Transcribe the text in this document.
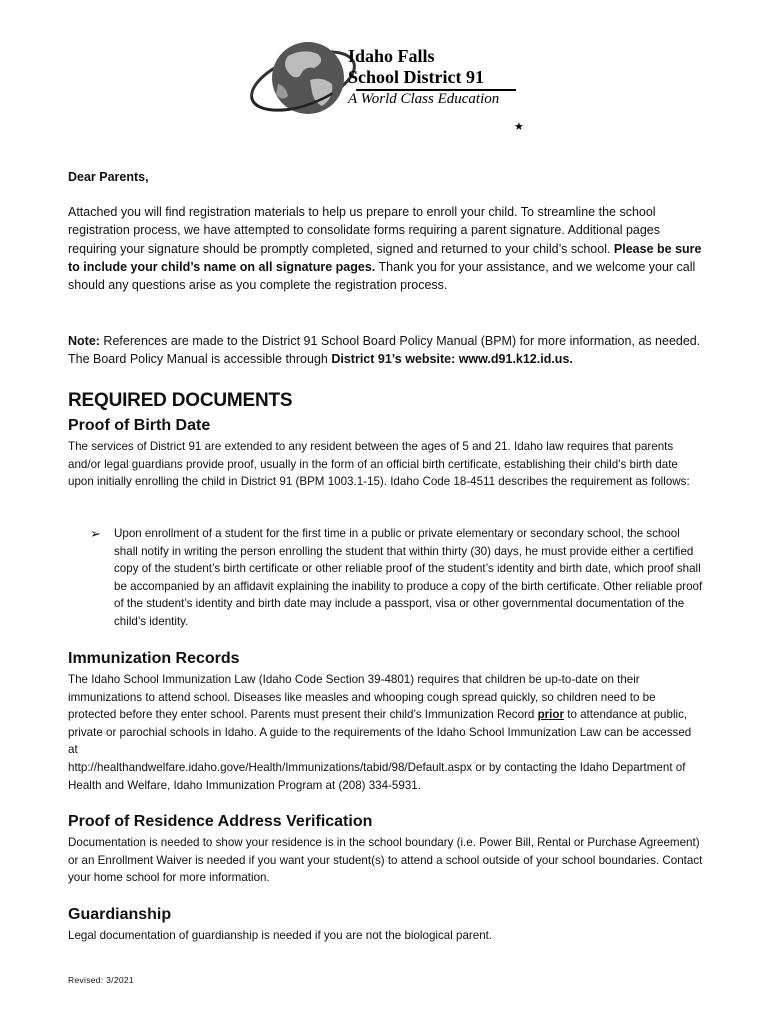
Idaho Falls
School District 91
A World Class Education
★

Dear Parents,

Attached you will find registration materials to help us prepare to enroll your child. To streamline the school registration process, we have attempted to consolidate forms requiring a parent signature. Additional pages requiring your signature should be promptly completed, signed and returned to your child’s school. Please be sure to include your child’s name on all signature pages. Thank you for your assistance, and we welcome your call should any questions arise as you complete the registration process.

Note: References are made to the District 91 School Board Policy Manual (BPM) for more information, as needed. The Board Policy Manual is accessible through District 91’s website: www.d91.k12.id.us.

REQUIRED DOCUMENTS
Proof of Birth Date

The services of District 91 are extended to any resident between the ages of 5 and 21. Idaho law requires that parents and/or legal guardians provide proof, usually in the form of an official birth certificate, establishing their child’s birth date upon initially enrolling the child in District 91 (BPM 1003.1-15). Idaho Code 18-4511 describes the requirement as follows:

➢ Upon enrollment of a student for the first time in a public or private elementary or secondary school, the school shall notify in writing the person enrolling the student that within thirty (30) days, he must provide either a certified copy of the student’s birth certificate or other reliable proof of the student’s identity and birth date, which proof shall be accompanied by an affidavit explaining the inability to produce a copy of the birth certificate. Other reliable proof of the student’s identity and birth date may include a passport, visa or other governmental documentation of the child’s identity.

Immunization Records

The Idaho School Immunization Law (Idaho Code Section 39-4801) requires that children be up-to-date on their immunizations to attend school. Diseases like measles and whooping cough spread quickly, so children need to be protected before they enter school. Parents must present their child’s Immunization Record prior to attendance at public, private or parochial schools in Idaho. A guide to the requirements of the Idaho School Immunization Law can be accessed at
http://healthandwelfare.idaho.gove/Health/Immunizations/tabid/98/Default.aspx or by contacting the Idaho Department of Health and Welfare, Idaho Immunization Program at (208) 334-5931.

Proof of Residence Address Verification

Documentation is needed to show your residence is in the school boundary (i.e. Power Bill, Rental or Purchase Agreement) or an Enrollment Waiver is needed if you want your student(s) to attend a school outside of your school boundaries. Contact your home school for more information.

Guardianship

Legal documentation of guardianship is needed if you are not the biological parent.

Revised: 3/2021
